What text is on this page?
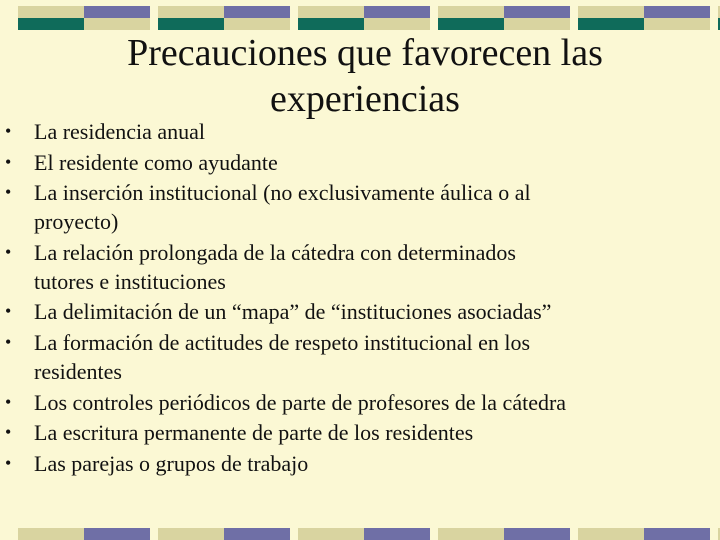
Precauciones que favorecen las
experiencias
• La residencia anual
• El residente como ayudante
• La inserción institucional (no exclusivamente áulica o al
proyecto)
• La relación prolongada de la cátedra con determinados
tutores e instituciones
• La delimitación de un “mapa” de “instituciones asociadas”
• La formación de actitudes de respeto institucional en los
residentes
• Los controles periódicos de parte de profesores de la cátedra
• La escritura permanente de parte de los residentes
• Las parejas o grupos de trabajo
